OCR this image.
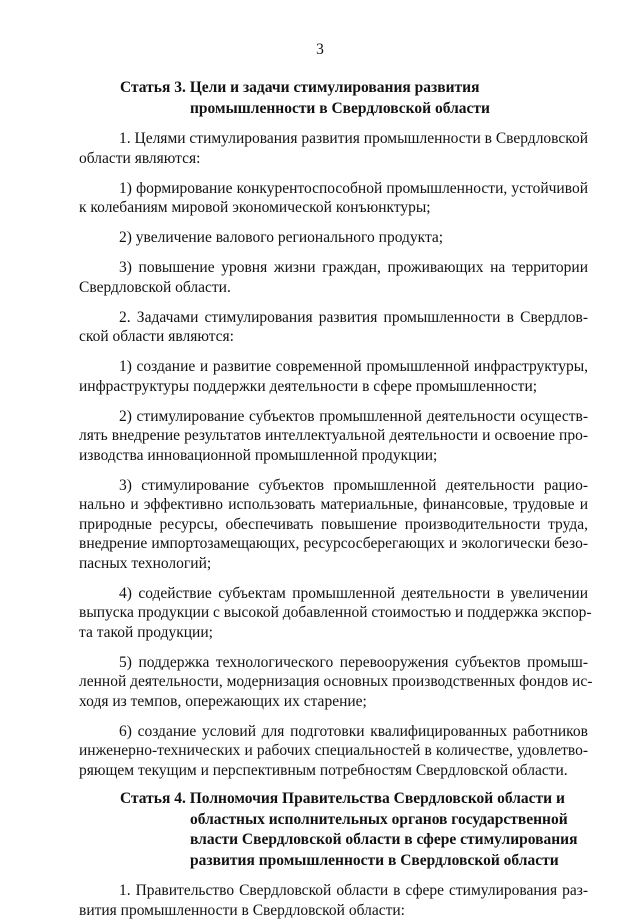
3
Статья 3. Цели и задачи стимулирования развития
промышленности в Свердловской области
1. Целями стимулирования развития промышленности в Свердловской
области являются:
1) формирование конкурентоспособной промышленности, устойчивой
к колебаниям мировой экономической конъюнктуры;
2) увеличение валового регионального продукта;
3) повышение уровня жизни граждан, проживающих на территории
Свердловской области.
2. Задачами стимулирования развития промышленности в Свердлов-
ской области являются:
1) создание и развитие современной промышленной инфраструктуры,
инфраструктуры поддержки деятельности в сфере промышленности;
2) стимулирование субъектов промышленной деятельности осуществ-
лять внедрение результатов интеллектуальной деятельности и освоение про-
изводства инновационной промышленной продукции;
3) стимулирование субъектов промышленной деятельности рацио-
нально и эффективно использовать материальные, финансовые, трудовые и
природные ресурсы, обеспечивать повышение производительности труда,
внедрение импортозамещающих, ресурсосберегающих и экологически безо-
пасных технологий;
4) содействие субъектам промышленной деятельности в увеличении
выпуска продукции с высокой добавленной стоимостью и поддержка экспор-
та такой продукции;
5) поддержка технологического перевооружения субъектов промыш-
ленной деятельности, модернизация основных производственных фондов ис-
ходя из темпов, опережающих их старение;
6) создание условий для подготовки квалифицированных работников
инженерно-технических и рабочих специальностей в количестве, удовлетво-
ряющем текущим и перспективным потребностям Свердловской области.
Статья 4. Полномочия Правительства Свердловской области и
областных исполнительных органов государственной
власти Свердловской области в сфере стимулирования
развития промышленности в Свердловской области
1. Правительство Свердловской области в сфере стимулирования раз-
вития промышленности в Свердловской области:
